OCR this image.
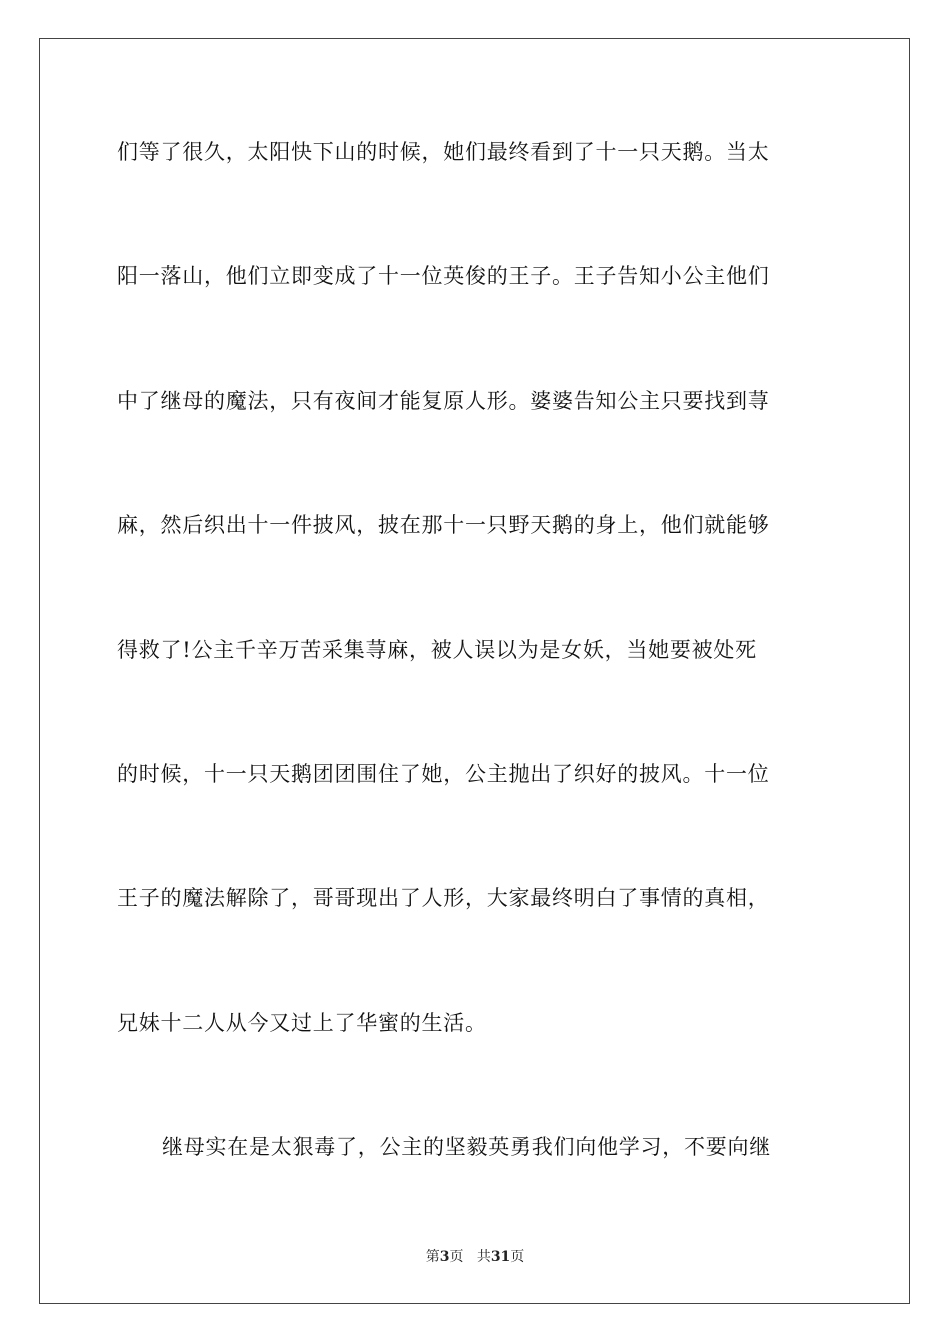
们等了很久，太阳快下山的时候，她们最终看到了十一只天鹅。当太
阳一落山，他们立即变成了十一位英俊的王子。王子告知小公主他们
中了继母的魔法，只有夜间才能复原人形。婆婆告知公主只要找到荨
麻，然后织出十一件披风，披在那十一只野天鹅的身上，他们就能够
得救了!公主千辛万苦采集荨麻，被人误以为是女妖，当她要被处死
的时候，十一只天鹅团团围住了她，公主抛出了织好的披风。十一位
王子的魔法解除了，哥哥现出了人形，大家最终明白了事情的真相，
兄妹十二人从今又过上了华蜜的生活。
继母实在是太狠毒了，公主的坚毅英勇我们向他学习，不要向继
第3页 共31页
